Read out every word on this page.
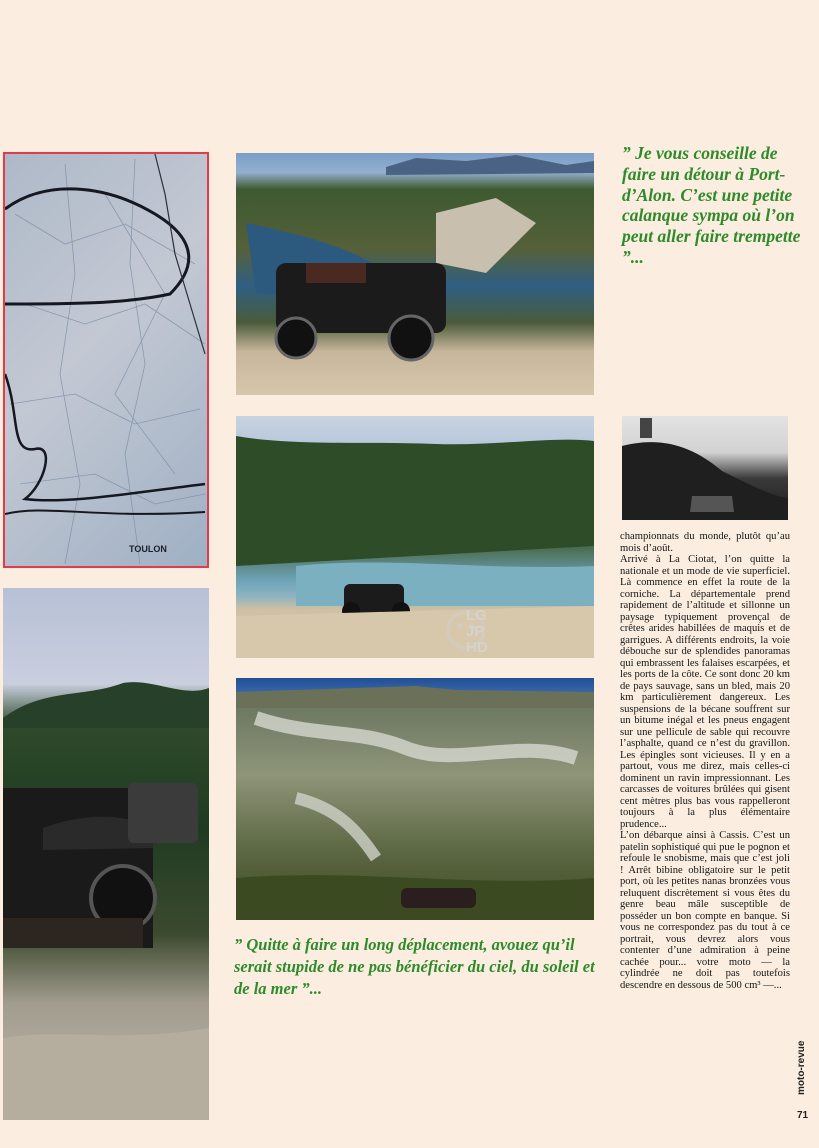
TOULON
” Je vous conseille de faire un détour à Port-d’Alon. C’est une petite calanque sympa où l’on peut aller faire trempette ”...
” Quitte à faire un long déplacement, avouez qu’il serait stupide de ne pas bénéficier du ciel, du soleil et de la mer ”...

championnats du monde, plutôt qu’au mois d’août.

Arrivé à La Ciotat, l’on quitte la nationale et un mode de vie superficiel. Là commence en effet la route de la corniche. La départementale prend rapidement de l’altitude et sillonne un paysage typiquement provençal de crêtes arides habillées de maquis et de garrigues. A différents endroits, la voie débouche sur de splendides panoramas qui embrassent les falaises escarpées, et les ports de la côte. Ce sont donc 20 km de pays sauvage, sans un bled, mais 20 km particulièrement dangereux. Les suspensions de la bécane souffrent sur un bitume inégal et les pneus engagent sur une pellicule de sable qui recouvre l’asphalte, quand ce n’est du gravillon. Les épingles sont vicieuses. Il y en a partout, vous me direz, mais celles-ci dominent un ravin impressionnant. Les carcasses de voitures brûlées qui gisent cent mètres plus bas vous rappelleront toujours à la plus élémentaire prudence...

L’on débarque ainsi à Cassis. C’est un patelin sophistiqué qui pue le pognon et refoule le snobisme, mais que c’est joli ! Arrêt bibine obligatoire sur le petit port, où les petites nanas bronzées vous reluquent discrètement si vous êtes du genre beau mâle susceptible de posséder un bon compte en banque. Si vous ne correspondez pas du tout à ce portrait, vous devrez alors vous contenter d’une admiration à peine cachée pour... votre moto — la cylindrée ne doit pas toutefois descendre en dessous de 500 cm³ —...

LG
JP
HD
moto-revue
71
